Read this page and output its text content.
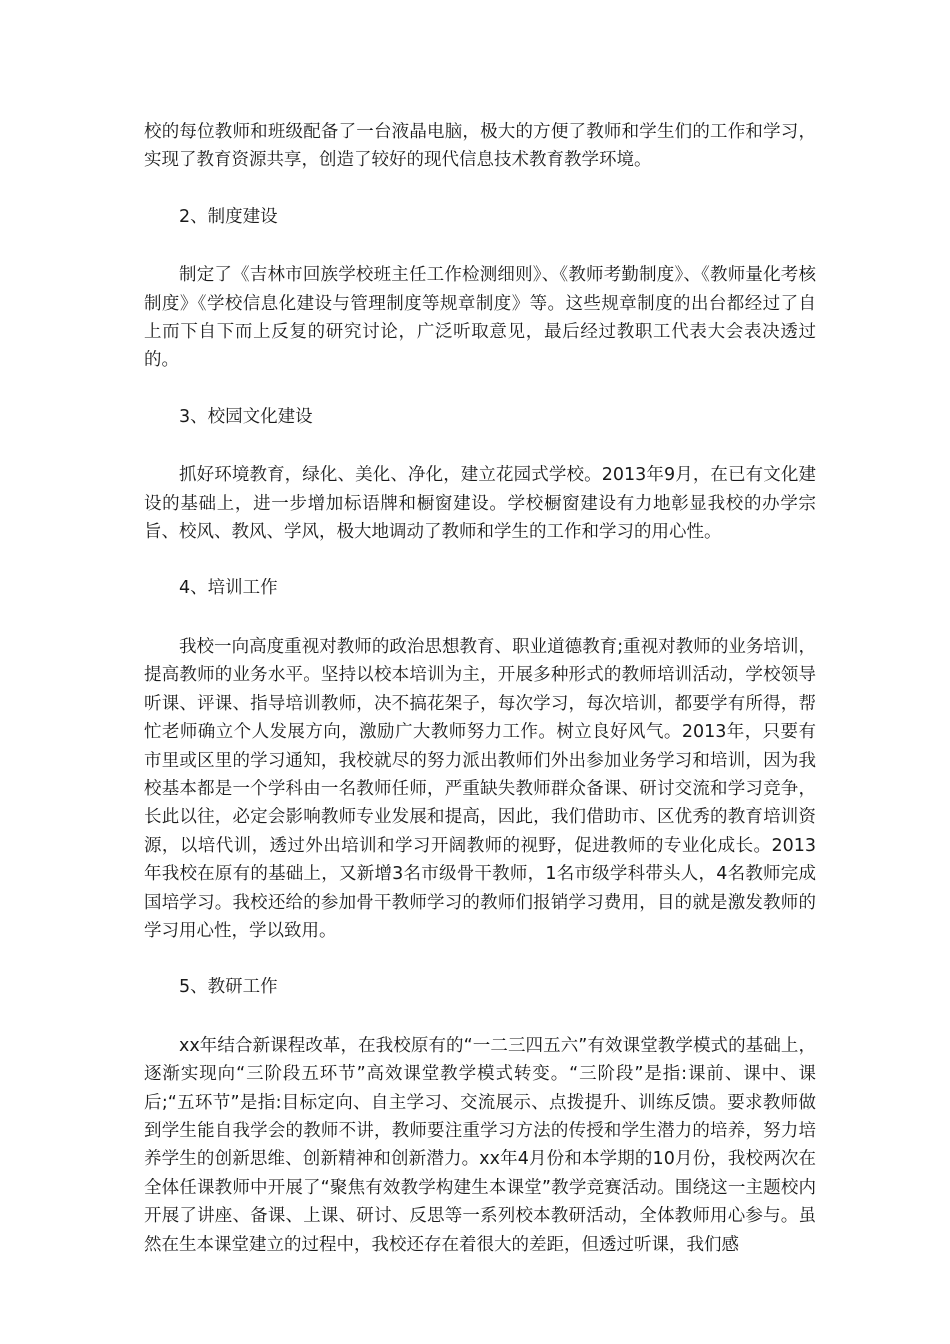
校的每位教师和班级配备了一台液晶电脑，极大的方便了教师和学生们的工作和学习，实现了教育资源共享，创造了较好的现代信息技术教育教学环境。

2、制度建设

制定了《吉林市回族学校班主任工作检测细则》、《教师考勤制度》、《教师量化考核制度》《学校信息化建设与管理制度等规章制度》等。这些规章制度的出台都经过了自上而下自下而上反复的研究讨论，广泛听取意见，最后经过教职工代表大会表决透过的。

3、校园文化建设

抓好环境教育，绿化、美化、净化，建立花园式学校。2013年9月，在已有文化建设的基础上，进一步增加标语牌和橱窗建设。学校橱窗建设有力地彰显我校的办学宗旨、校风、教风、学风，极大地调动了教师和学生的工作和学习的用心性。

4、培训工作

我校一向高度重视对教师的政治思想教育、职业道德教育;重视对教师的业务培训，提高教师的业务水平。坚持以校本培训为主，开展多种形式的教师培训活动，学校领导听课、评课、指导培训教师，决不搞花架子，每次学习，每次培训，都要学有所得，帮忙老师确立个人发展方向，激励广大教师努力工作。树立良好风气。2013年，只要有市里或区里的学习通知，我校就尽的努力派出教师们外出参加业务学习和培训，因为我校基本都是一个学科由一名教师任师，严重缺失教师群众备课、研讨交流和学习竞争，长此以往，必定会影响教师专业发展和提高，因此，我们借助市、区优秀的教育培训资源，以培代训，透过外出培训和学习开阔教师的视野，促进教师的专业化成长。2013年我校在原有的基础上，又新增3名市级骨干教师，1名市级学科带头人，4名教师完成国培学习。我校还给的参加骨干教师学习的教师们报销学习费用，目的就是激发教师的学习用心性，学以致用。

5、教研工作

xx年结合新课程改革，在我校原有的“一二三四五六”有效课堂教学模式的基础上，逐渐实现向“三阶段五环节”高效课堂教学模式转变。“三阶段”是指:课前、课中、课后;“五环节”是指:目标定向、自主学习、交流展示、点拨提升、训练反馈。要求教师做到学生能自我学会的教师不讲，教师要注重学习方法的传授和学生潜力的培养，努力培养学生的创新思维、创新精神和创新潜力。xx年4月份和本学期的10月份，我校两次在全体任课教师中开展了“聚焦有效教学构建生本课堂”教学竞赛活动。围绕这一主题校内开展了讲座、备课、上课、研讨、反思等一系列校本教研活动，全体教师用心参与。虽然在生本课堂建立的过程中，我校还存在着很大的差距，但透过听课，我们感
